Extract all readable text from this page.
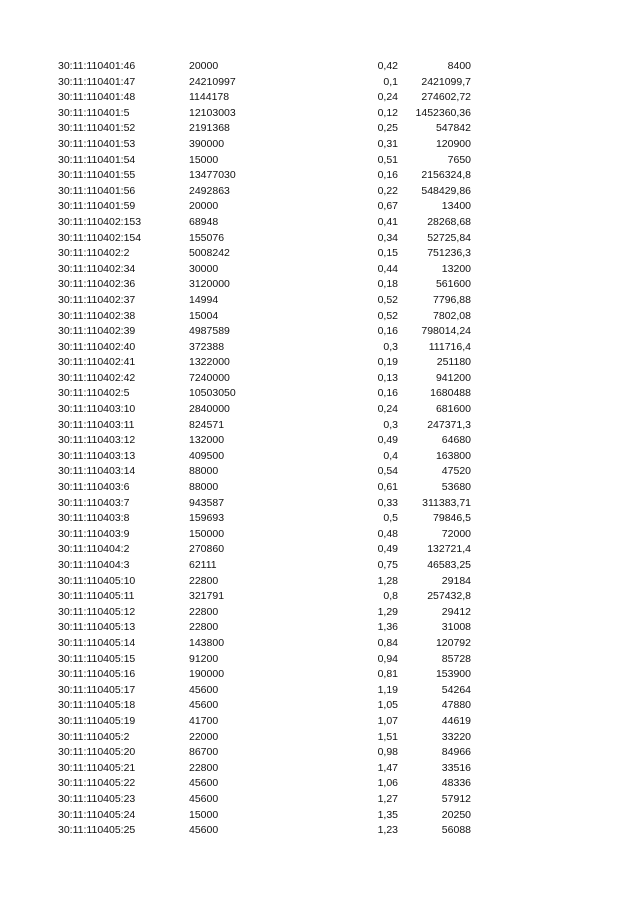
30:11:110401:46	20000	0,42	8400
30:11:110401:47	24210997	0,1	2421099,7
30:11:110401:48	1144178	0,24	274602,72
30:11:110401:5	12103003	0,12	1452360,36
30:11:110401:52	2191368	0,25	547842
30:11:110401:53	390000	0,31	120900
30:11:110401:54	15000	0,51	7650
30:11:110401:55	13477030	0,16	2156324,8
30:11:110401:56	2492863	0,22	548429,86
30:11:110401:59	20000	0,67	13400
30:11:110402:153	68948	0,41	28268,68
30:11:110402:154	155076	0,34	52725,84
30:11:110402:2	5008242	0,15	751236,3
30:11:110402:34	30000	0,44	13200
30:11:110402:36	3120000	0,18	561600
30:11:110402:37	14994	0,52	7796,88
30:11:110402:38	15004	0,52	7802,08
30:11:110402:39	4987589	0,16	798014,24
30:11:110402:40	372388	0,3	111716,4
30:11:110402:41	1322000	0,19	251180
30:11:110402:42	7240000	0,13	941200
30:11:110402:5	10503050	0,16	1680488
30:11:110403:10	2840000	0,24	681600
30:11:110403:11	824571	0,3	247371,3
30:11:110403:12	132000	0,49	64680
30:11:110403:13	409500	0,4	163800
30:11:110403:14	88000	0,54	47520
30:11:110403:6	88000	0,61	53680
30:11:110403:7	943587	0,33	311383,71
30:11:110403:8	159693	0,5	79846,5
30:11:110403:9	150000	0,48	72000
30:11:110404:2	270860	0,49	132721,4
30:11:110404:3	62111	0,75	46583,25
30:11:110405:10	22800	1,28	29184
30:11:110405:11	321791	0,8	257432,8
30:11:110405:12	22800	1,29	29412
30:11:110405:13	22800	1,36	31008
30:11:110405:14	143800	0,84	120792
30:11:110405:15	91200	0,94	85728
30:11:110405:16	190000	0,81	153900
30:11:110405:17	45600	1,19	54264
30:11:110405:18	45600	1,05	47880
30:11:110405:19	41700	1,07	44619
30:11:110405:2	22000	1,51	33220
30:11:110405:20	86700	0,98	84966
30:11:110405:21	22800	1,47	33516
30:11:110405:22	45600	1,06	48336
30:11:110405:23	45600	1,27	57912
30:11:110405:24	15000	1,35	20250
30:11:110405:25	45600	1,23	56088
